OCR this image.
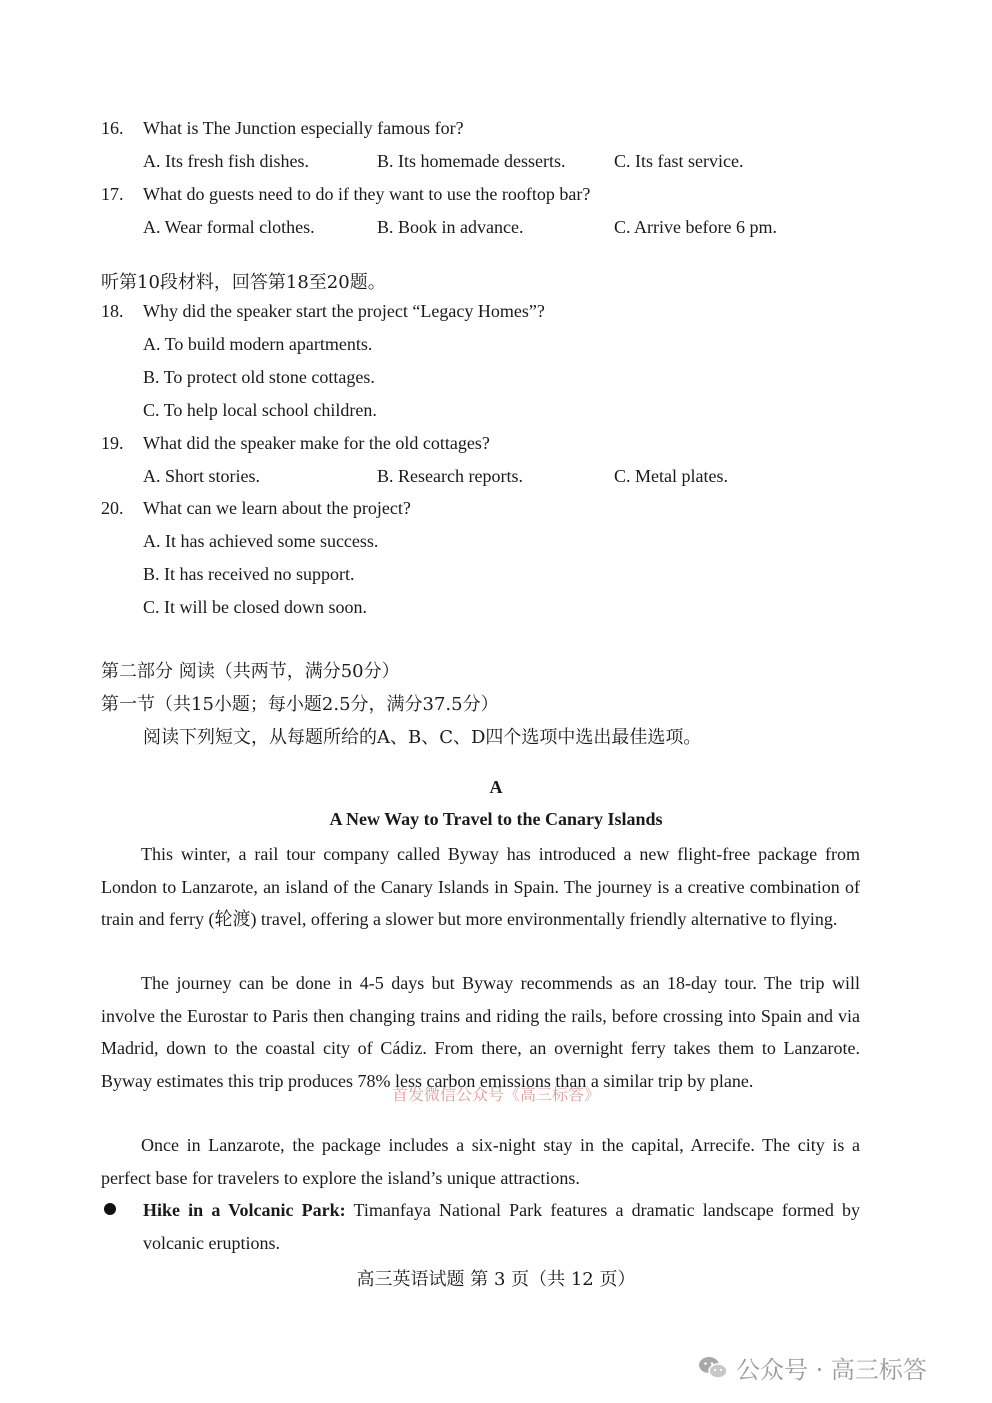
16. What is The Junction especially famous for?
A. Its fresh fish dishes.	B. Its homemade desserts.	C. Its fast service.
17. What do guests need to do if they want to use the rooftop bar?
A. Wear formal clothes.	B. Book in advance.	C. Arrive before 6 pm.
听第10段材料，回答第18至20题。
18. Why did the speaker start the project “Legacy Homes”?
A. To build modern apartments.
B. To protect old stone cottages.
C. To help local school children.
19. What did the speaker make for the old cottages?
A. Short stories.	B. Research reports.	C. Metal plates.
20. What can we learn about the project?
A. It has achieved some success.
B. It has received no support.
C. It will be closed down soon.
第二部分 阅读（共两节，满分50分）
第一节（共15小题；每小题2.5分，满分37.5分）
阅读下列短文，从每题所给的A、B、C、D四个选项中选出最佳选项。
A
A New Way to Travel to the Canary Islands
This winter, a rail tour company called Byway has introduced a new flight-free package from London to Lanzarote, an island of the Canary Islands in Spain. The journey is a creative combination of train and ferry (轮渡) travel, offering a slower but more environmentally friendly alternative to flying.
The journey can be done in 4-5 days but Byway recommends as an 18-day tour. The trip will involve the Eurostar to Paris then changing trains and riding the rails, before crossing into Spain and via Madrid, down to the coastal city of Cádiz. From there, an overnight ferry takes them to Lanzarote. Byway estimates this trip produces 78% less carbon emissions than a similar trip by plane.
Once in Lanzarote, the package includes a six-night stay in the capital, Arrecife. The city is a perfect base for travelers to explore the island’s unique attractions.
Hike in a Volcanic Park: Timanfaya National Park features a dramatic landscape formed by volcanic eruptions.
首发微信公众号《高三标答》
高三英语试题 第 3 页（共 12 页）
公众号 · 高三标答
